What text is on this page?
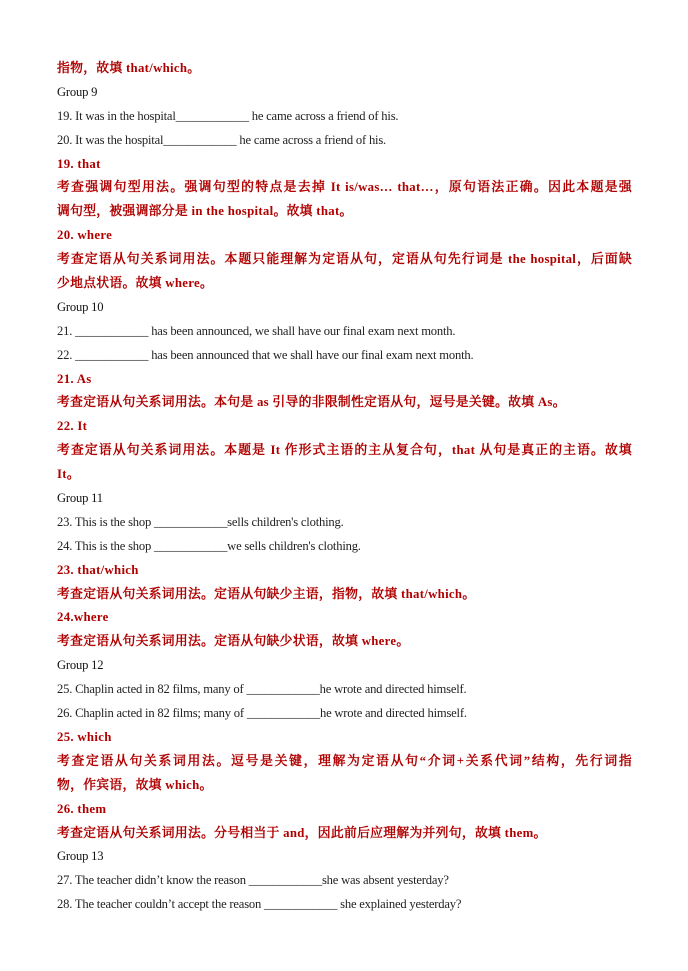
指物，故填 that/which。
Group 9
19. It was in the hospital____________ he came across a friend of his.
20. It was the hospital____________ he came across a friend of his.
19. that
考查强调句型用法。强调句型的特点是去掉 It is/was… that…，原句语法正确。因此本题是强
调句型，被强调部分是 in the hospital。故填 that。
20. where
考查定语从句关系词用法。本题只能理解为定语从句，定语从句先行词是 the hospital，后面缺
少地点状语。故填 where。
Group 10
21. ____________ has been announced, we shall have our final exam next month.
22. ____________ has been announced that we shall have our final exam next month.
21. As
考查定语从句关系词用法。本句是 as 引导的非限制性定语从句，逗号是关键。故填 As。
22. It
考查定语从句关系词用法。本题是 It 作形式主语的主从复合句，that 从句是真正的主语。故填
It。
Group 11
23. This is the shop ____________sells children's clothing.
24. This is the shop ____________we sells children's clothing.
23. that/which
考查定语从句关系词用法。定语从句缺少主语，指物，故填 that/which。
24.where
考查定语从句关系词用法。定语从句缺少状语，故填 where。
Group 12
25. Chaplin acted in 82 films, many of ____________he wrote and directed himself.
26. Chaplin acted in 82 films; many of ____________he wrote and directed himself.
25. which
考查定语从句关系词用法。逗号是关键，理解为定语从句“介词+关系代词”结构，先行词指
物，作宾语，故填 which。
26. them
考查定语从句关系词用法。分号相当于 and，因此前后应理解为并列句，故填 them。
Group 13
27. The teacher didn’t know the reason ____________she was absent yesterday?
28. The teacher couldn’t accept the reason ____________ she explained yesterday?
